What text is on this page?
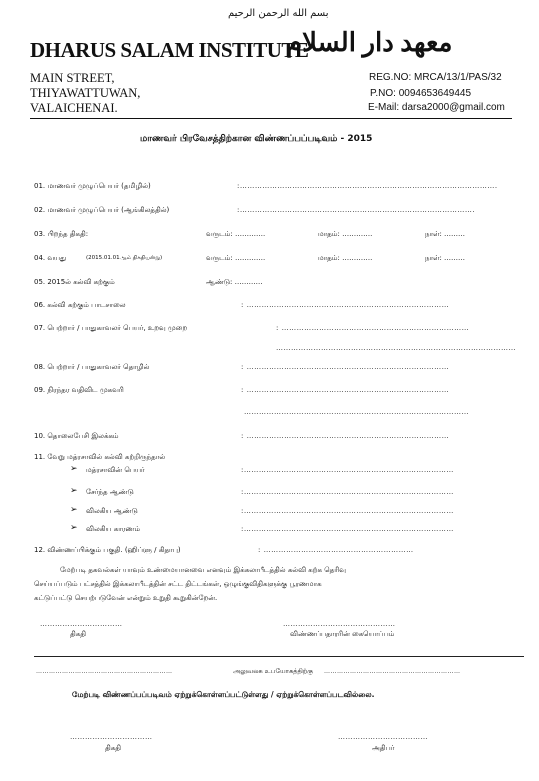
بسم الله الرحمن الرحيم
DHARUS SALAM INSTITUTE
معهد دار السلام
MAIN STREET,
THIYAWATTUWAN,
VALAICHENAI.
REG.NO: MRCA/13/1/PAS/32
P.NO: 0094653649445
E-Mail: darsa2000@gmail.com
மாணவர் பிரவேசத்திற்கான விண்ணப்பப்படிவம் - 2015
01. மாணவர் முழுப்பெயர் (தமிழில்)	:………………………………………………………………………………………….
02. மாணவர் முழுப்பெயர் (ஆங்கிலத்தில்)	:………………………………………………………………………………….
03. பிறந்த திகதி:	வருடம்: ………….	மாதம்: ………….	நாள்: ………
04. வயது	(2015.01.01ஆம் திகதியன்று)	வருடம்: ………….	மாதம்: ………….	நாள்: ………
05. 2015ல் கல்வி கற்கும்	ஆண்டு: …………
06. கல்வி கற்கும் பாடசாலை	: ………………………………………………………………………
07. பெற்றார் / பாதுகாவலர் பெயர், உறவு முறை	: …………………………………………………………………
……………………………………………………………………………………
08. பெற்றார் / பாதுகாவலர் தொழில்	: ………………………………………………………………………
09. நிரந்தர வதிவிட முகவரி	: ………………………………………………………………………
………………………………………………………………………………
10. தொலைபேசி இலக்கம்	: ………………………………………………………………………
11. வேறு மத்ரசாவில் கல்வி கற்றிருந்தால்
➢ மத்ரசாவின் பெயர்	:…………………………………………………………………………
➢ சேர்ந்த ஆண்டு	:…………………………………………………………………………
➢ விலகிய ஆண்டு	:…………………………………………………………………………
➢ விலகிய காரணம்	:…………………………………………………………………………
12. விண்ணப்பிக்கும் பகுதி. (ஹிப்ளு / கிதாபு)	: ……………………………………………………
மேற்படி தகவல்கள் யாவும் உண்மையானவை எனவும் இக்கலாபீடத்தில் கல்வி கற்க தெரிவு
செய்யப்படும் பட்சத்தில் இக்கலாபீடத்தின் சட்ட திட்டங்கள், ஒழுங்குவிதிகளுக்கு பூரணமாக
கட்டுப்பட்டு செயற்படுவேன் என்றும் உறுதி கூறுகின்றேன்.
……………………………
திகதி
………………………………………
விண்ணப்பதாரரின் கையொப்பம்
………………………………………………………	அலுவலக உபயோகத்திற்கு ………………………………………………………
மேற்படி விண்ணப்பப்படிவம் ஏற்றுக்கொள்ளப்பட்டுள்ளது / ஏற்றுக்கொள்ளப்படவில்லை.
……………………………
திகதி
………………………………
அதிபர்
